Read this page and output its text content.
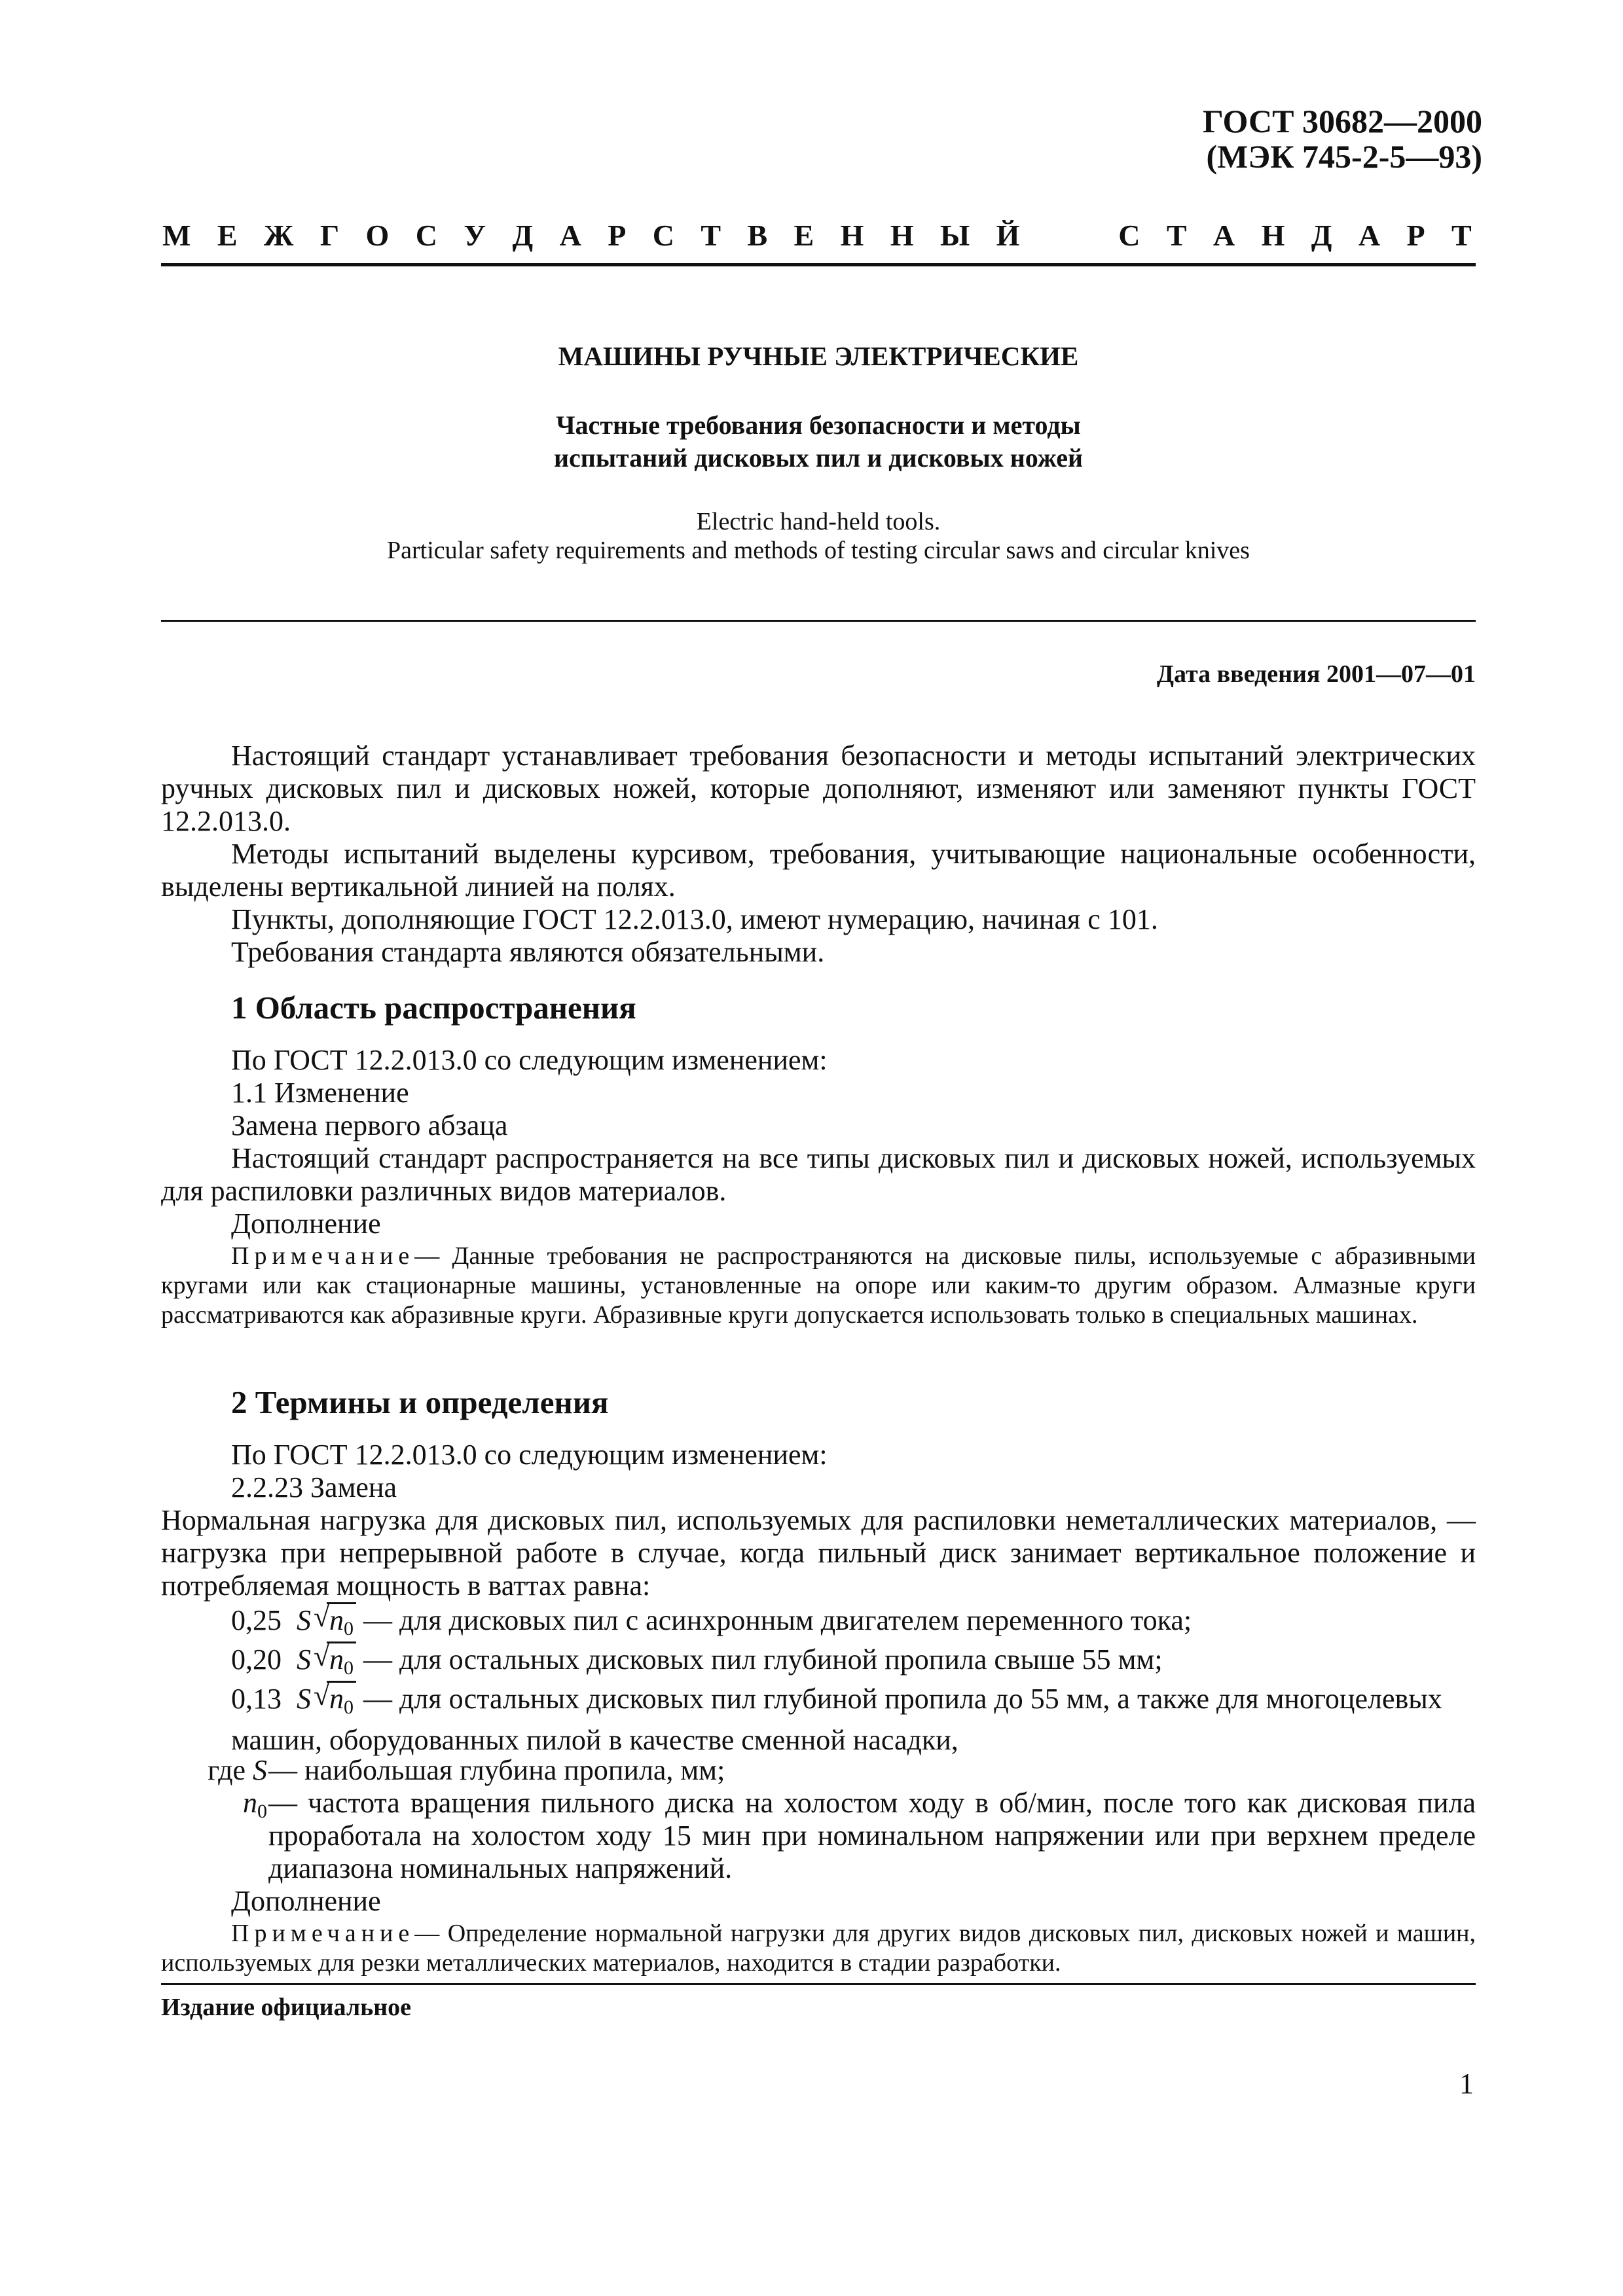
ГОСТ 30682—2000
(МЭК 745-2-5—93)
М Е Ж Г О С У Д А Р С Т В Е Н Н Ы Й	С Т А Н Д А Р Т
МАШИНЫ РУЧНЫЕ ЭЛЕКТРИЧЕСКИЕ
Частные требования безопасности и методы
испытаний дисковых пил и дисковых ножей
Electric hand-held tools.
Particular safety requirements and methods of testing circular saws and circular knives
Дата введения 2001—07—01
Настоящий стандарт устанавливает требования безопасности и методы испытаний электрических ручных дисковых пил и дисковых ножей, которые дополняют, изменяют или заменяют пункты ГОСТ 12.2.013.0.
Методы испытаний выделены курсивом, требования, учитывающие национальные особенности, выделены вертикальной линией на полях.
Пункты, дополняющие ГОСТ 12.2.013.0, имеют нумерацию, начиная с 101.
Требования стандарта являются обязательными.
1 Область распространения
По ГОСТ 12.2.013.0 со следующим изменением:
1.1 Изменение
Замена первого абзаца
Настоящий стандарт распространяется на все типы дисковых пил и дисковых ножей, используемых для распиловки различных видов материалов.
Дополнение
Примечание— Данные требования не распространяются на дисковые пилы, используемые с абразивными кругами или как стационарные машины, установленные на опоре или каким-то другим образом. Алмазные круги рассматриваются как абразивные круги. Абразивные круги допускается использовать только в специальных машинах.
2 Термины и определения
По ГОСТ 12.2.013.0 со следующим изменением:
2.2.23 Замена
Нормальная нагрузка для дисковых пил, используемых для распиловки неметаллических материалов, — нагрузка при непрерывной работе в случае, когда пильный диск занимает вертикальное положение и потребляемая мощность в ваттах равна:
0,25 S √ n0 — для дисковых пил с асинхронным двигателем переменного тока;
0,20 S √ n0 — для остальных дисковых пил глубиной пропила свыше 55 мм;
0,13 S √ n0 — для остальных дисковых пил глубиной пропила до 55 мм, а также для многоцелевых машин, оборудованных пилой в качестве сменной насадки,
где S — наибольшая глубина пропила, мм;
n0 — частота вращения пильного диска на холостом ходу в об/мин, после того как дисковая пила проработала на холостом ходу 15 мин при номинальном напряжении или при верхнем пределе диапазона номинальных напряжений.
Дополнение
Примечание— Определение нормальной нагрузки для других видов дисковых пил, дисковых ножей и машин, используемых для резки металлических материалов, находится в стадии разработки.
Издание официальное
1
